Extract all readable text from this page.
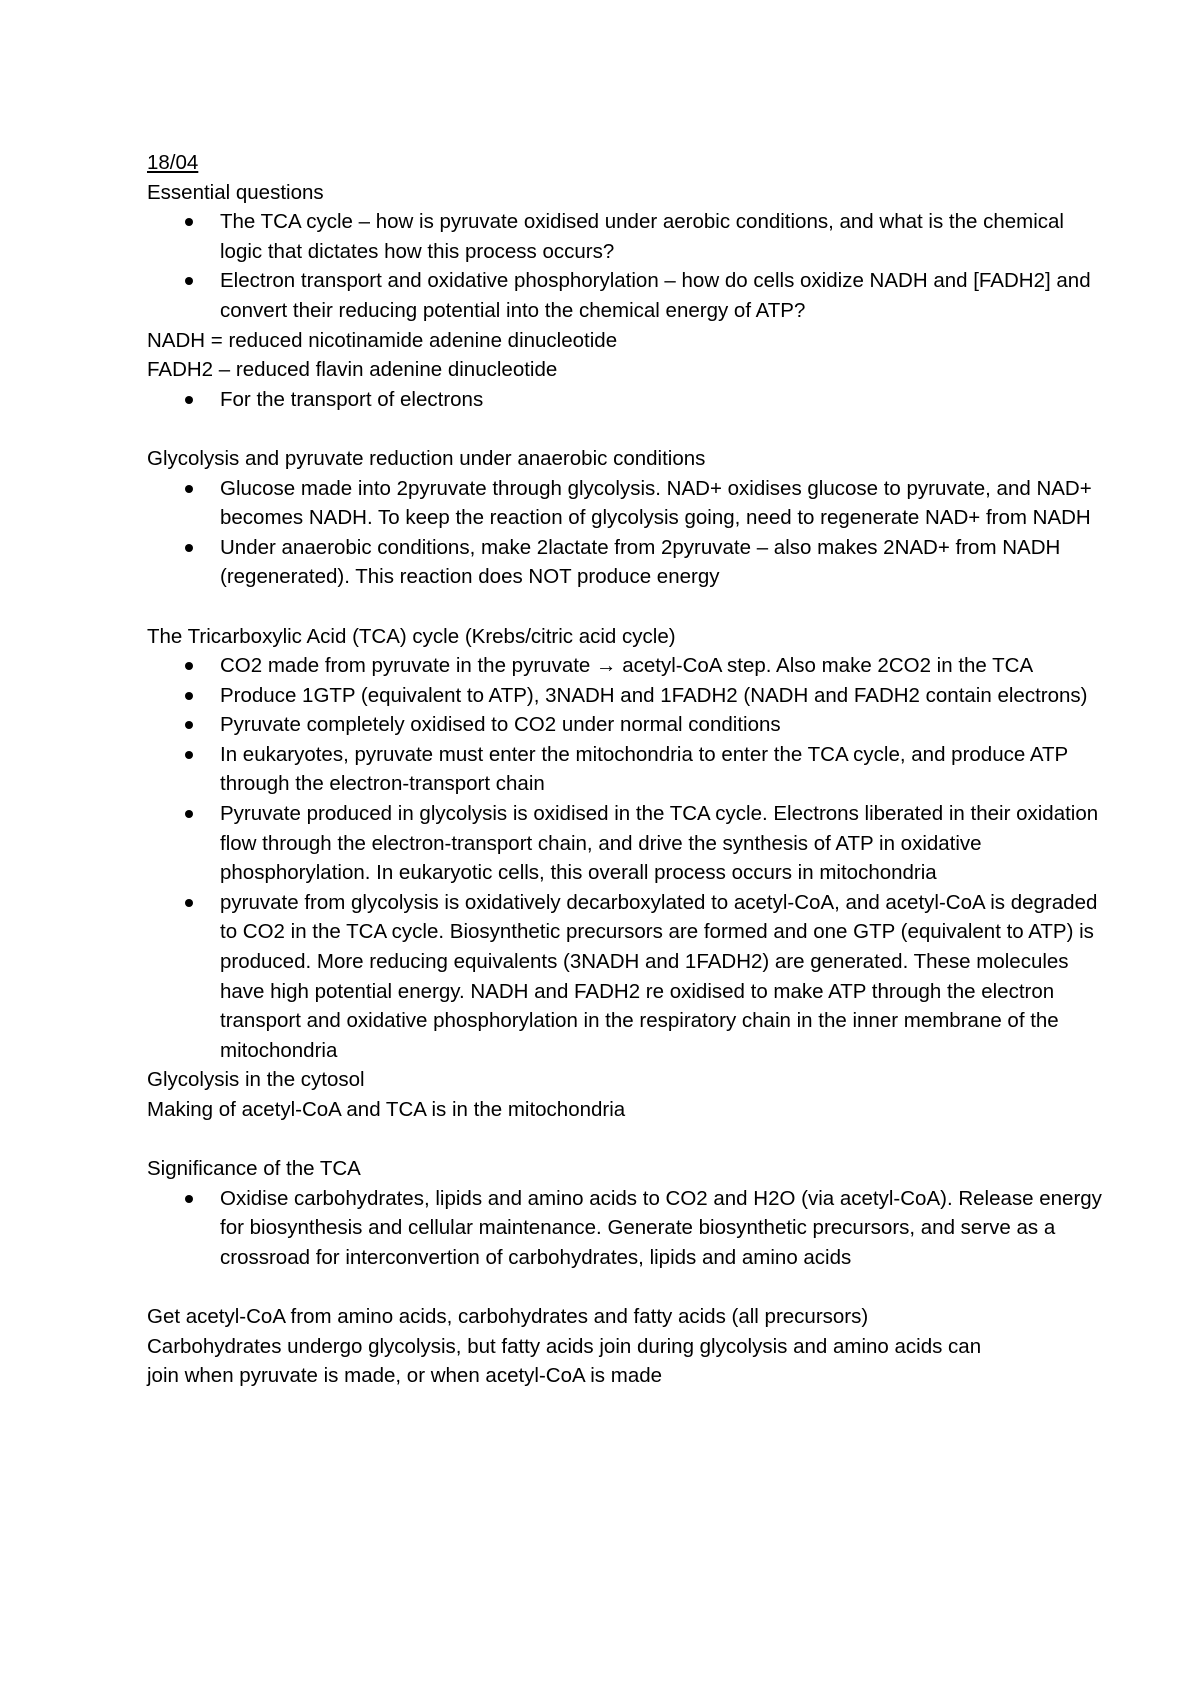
18/04

Essential questions

The TCA cycle – how is pyruvate oxidised under aerobic conditions, and what is the chemical logic that dictates how this process occurs?
Electron transport and oxidative phosphorylation – how do cells oxidize NADH and [FADH2] and convert their reducing potential into the chemical energy of ATP?

NADH = reduced nicotinamide adenine dinucleotide

FADH2 – reduced flavin adenine dinucleotide

For the transport of electrons

Glycolysis and pyruvate reduction under anaerobic conditions

Glucose made into 2pyruvate through glycolysis. NAD+ oxidises glucose to pyruvate, and NAD+ becomes NADH. To keep the reaction of glycolysis going, need to regenerate NAD+ from NADH
Under anaerobic conditions, make 2lactate from 2pyruvate – also makes 2NAD+ from NADH (regenerated). This reaction does NOT produce energy

The Tricarboxylic Acid (TCA) cycle (Krebs/citric acid cycle)

CO2 made from pyruvate in the pyruvate → acetyl-CoA step. Also make 2CO2 in the TCA
Produce 1GTP (equivalent to ATP), 3NADH and 1FADH2 (NADH and FADH2 contain electrons)
Pyruvate completely oxidised to CO2 under normal conditions
In eukaryotes, pyruvate must enter the mitochondria to enter the TCA cycle, and produce ATP through the electron-transport chain
Pyruvate produced in glycolysis is oxidised in the TCA cycle. Electrons liberated in their oxidation flow through the electron-transport chain, and drive the synthesis of ATP in oxidative phosphorylation. In eukaryotic cells, this overall process occurs in mitochondria
pyruvate from glycolysis is oxidatively decarboxylated to acetyl-CoA, and acetyl-CoA is degraded to CO2 in the TCA cycle. Biosynthetic precursors are formed and one GTP (equivalent to ATP) is produced. More reducing equivalents (3NADH and 1FADH2) are generated. These molecules have high potential energy. NADH and FADH2 re oxidised to make ATP through the electron transport and oxidative phosphorylation in the respiratory chain in the inner membrane of the mitochondria

Glycolysis in the cytosol

Making of acetyl-CoA and TCA is in the mitochondria

Significance of the TCA

Oxidise carbohydrates, lipids and amino acids to CO2 and H2O (via acetyl-CoA). Release energy for biosynthesis and cellular maintenance. Generate biosynthetic precursors, and serve as a crossroad for interconvertion of carbohydrates, lipids and amino acids

Get acetyl-CoA from amino acids, carbohydrates and fatty acids (all precursors)

Carbohydrates undergo glycolysis, but fatty acids join during glycolysis and amino acids can

join when pyruvate is made, or when acetyl-CoA is made
